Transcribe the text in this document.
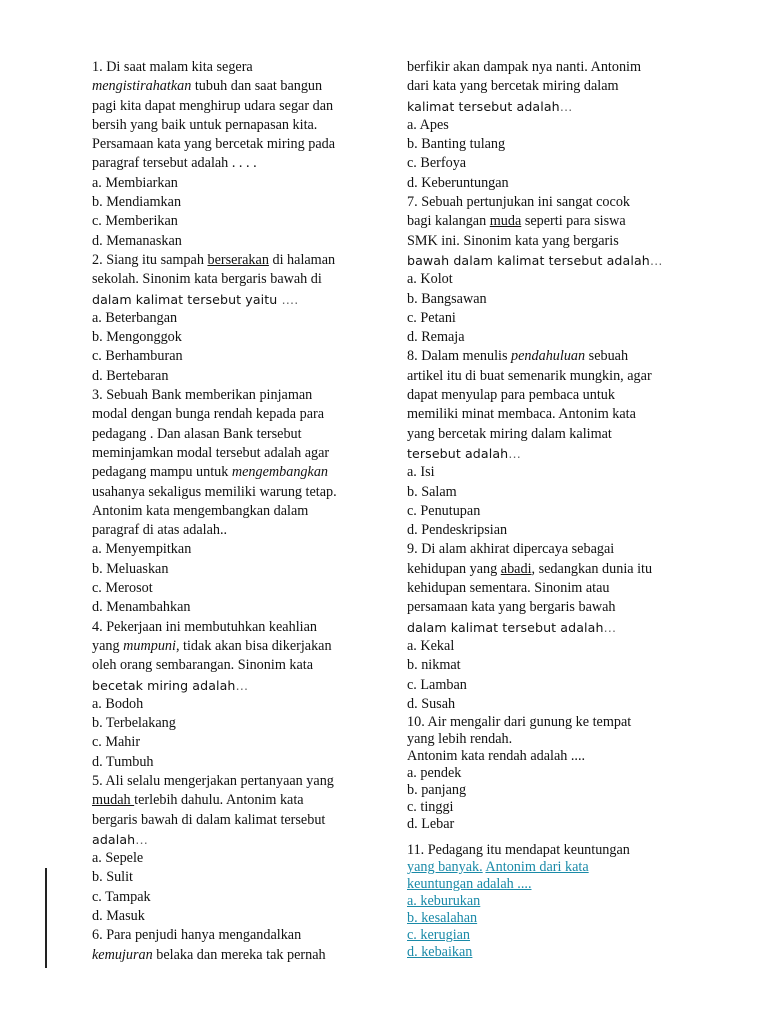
1. Di saat malam kita segera
mengistirahatkan tubuh dan saat bangun
pagi kita dapat menghirup udara segar dan
bersih yang baik untuk pernapasan kita.
Persamaan kata yang bercetak miring pada
paragraf tersebut adalah . . . .
a. Membiarkan
b. Mendiamkan
c. Memberikan
d. Memanaskan
2. Siang itu sampah berserakan di halaman
sekolah. Sinonim kata bergaris bawah di
dalam kalimat tersebut yaitu ….
a. Beterbangan
b. Mengonggok
c. Berhamburan
d. Bertebaran
3. Sebuah Bank memberikan pinjaman
modal dengan bunga rendah kepada para
pedagang . Dan alasan Bank tersebut
meminjamkan modal tersebut adalah agar
pedagang mampu untuk mengembangkan
usahanya sekaligus memiliki warung tetap.
Antonim kata mengembangkan dalam
paragraf di atas adalah..
a. Menyempitkan
b. Meluaskan
c. Merosot
d. Menambahkan
4. Pekerjaan ini membutuhkan keahlian
yang mumpuni, tidak akan bisa dikerjakan
oleh orang sembarangan. Sinonim kata
becetak miring adalah…
a. Bodoh
b. Terbelakang
c. Mahir
d. Tumbuh
5. Ali selalu mengerjakan pertanyaan yang
mudah terlebih dahulu. Antonim kata
bergaris bawah di dalam kalimat tersebut
adalah…
a. Sepele
b. Sulit
c. Tampak
d. Masuk
6. Para penjudi hanya mengandalkan
kemujuran belaka dan mereka tak pernah
berfikir akan dampak nya nanti. Antonim
dari kata yang bercetak miring dalam
kalimat tersebut adalah…
a. Apes
b. Banting tulang
c. Berfoya
d. Keberuntungan
7. Sebuah pertunjukan ini sangat cocok
bagi kalangan muda seperti para siswa
SMK ini. Sinonim kata yang bergaris
bawah dalam kalimat tersebut adalah…
a. Kolot
b. Bangsawan
c. Petani
d. Remaja
8. Dalam menulis pendahuluan sebuah
artikel itu di buat semenarik mungkin, agar
dapat menyulap para pembaca untuk
memiliki minat membaca. Antonim kata
yang bercetak miring dalam kalimat
tersebut adalah…
a. Isi
b. Salam
c. Penutupan
d. Pendeskripsian
9. Di alam akhirat dipercaya sebagai
kehidupan yang abadi, sedangkan dunia itu
kehidupan sementara. Sinonim atau
persamaan kata yang bergaris bawah
dalam kalimat tersebut adalah…
a. Kekal
b. nikmat
c. Lamban
d. Susah
10. Air mengalir dari gunung ke tempat
yang lebih rendah.
Antonim kata rendah adalah ....
a. pendek
b. panjang
c. tinggi
d. Lebar
11. Pedagang itu mendapat keuntungan
yang banyak. Antonim dari kata
keuntungan adalah ....
a. keburukan
b. kesalahan
c. kerugian
d. kebaikan
